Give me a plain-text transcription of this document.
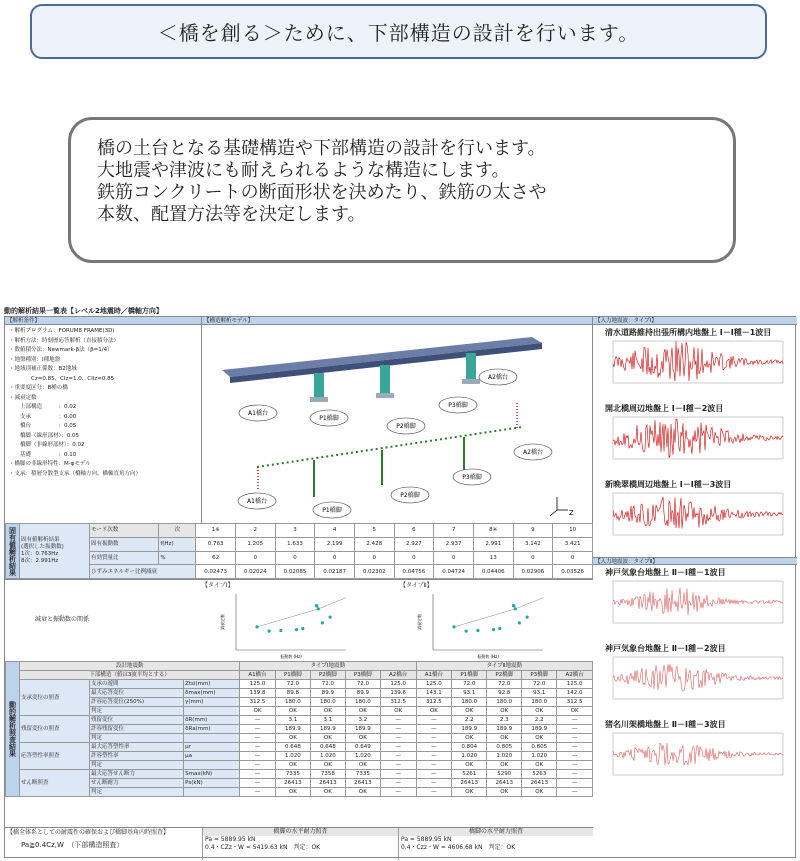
＜橋を創る＞ために、下部構造の設計を行います。
橋の土台となる基礎構造や下部構造の設計を行います。
大地震や津波にも耐えられるような構造にします。
鉄筋コンクリートの断面形状を決めたり、鉄筋の太さや
本数、配置方法等を決定します。
動的解析結果一覧表【レベル2地震時／橋軸方向】
【解析条件】
・解析プログラム：FORUM8 FRAME(3D)
・解析方法：時刻歴応答解析（直接積分法）
・数値積分法：Newmark-β法（β=1/4）
・地盤種別：Ⅰ種地盤
・地域別補正係数：B2地域
　　　　Cz=0.85、CIz=1.0、CIIz=0.85
・重要度区分：B種の橋
・減衰定数
　　上部構造　　　：0.02
　　支承　　　　　：0.00
　　橋台　　　　　：0.05
　　橋脚（線形部材）：0.05
　　橋脚（非線形部材）：0.02
　　基礎　　　　　：0.10
・橋脚の非線形特性：M-φモデル
・支承：積層分散型支承（橋軸方向、橋軸直角方向）
【構造解析モデル】
A2橋台
P3橋脚
P2橋脚
P1橋脚
A1橋台
A2橋台
P3橋脚
P2橋脚
P1橋脚
A1橋台
Z
【入力地震波：タイプⅠ】
清水道路維持出張所構内地盤上 Ⅰ－Ⅰ種－1波目
開北橋周辺地盤上 Ⅰ－Ⅰ種－2波目
新晩翠橋周辺地盤上 Ⅰ－Ⅰ種－3波目
【入力地震波：タイプⅡ】
神戸気象台地盤上 Ⅱ－Ⅰ種－1波目
神戸気象台地盤上 Ⅱ－Ⅰ種－2波目
猪名川架橋地盤上 Ⅱ－Ⅰ種－3波目
固有値解析結果	固有値解析結果
(選択した振動数)
1次：0.763Hz
8次：2.991Hz	モード次数	次	1※	2	3	4	5	6	7	8※	9	10
		固有振動数	f(Hz)	0.763	1.205	1.633	2.199	2.428	2.927	2.937	2.991	3.142	3.421
		有効質量比	%	62	0	0	0	0	0	0	13	0	0
		ひずみエネルギー比例減衰		0.02473	0.02024	0.02085	0.02187	0.02302	0.04756	0.04724	0.04406	0.02906	0.03526
減衰と振動数の関係
【タイプⅠ】	【タイプⅡ】
振動数 (Hz)
減衰定数
振動数 (Hz)
減衰定数
動的解析照査結果	設計地震動			タイプⅠ地震動					タイプⅡ地震動				
	下部構造（値は3波平均とする）			A1橋台	P1橋脚	P2橋脚	P3橋脚	A2橋台	A1橋台	P1橋脚	P2橋脚	P3橋脚	A2橋台
	支承変位の照査	支承の遊間	Ztsi(mm)	125.0	72.0	72.0	72.0	125.0	125.0	72.0	72.0	72.0	125.0
		最大応答変位	δmax(mm)	139.8	89.8	89.9	89.9	139.6	143.1	93.1	92.8	93.1	142.0
		許容応答変位(250%)	γ(mm)	312.5	180.0	180.0	180.0	312.5	312.5	180.0	180.0	180.0	312.5
		判定		OK	OK	OK	OK	OK	OK	OK	OK	OK	OK
	残留変位の照査	残留変位	δR(mm)	—	3.1	3.1	3.2	—	—	2.2	2.3	2.2	—
		許容残留変位	δRa(mm)	—	189.9	189.9	189.9	—	—	189.9	189.9	189.9	—
		判定		—	OK	OK	OK	—	—	OK	OK	OK	—
	応答塑性率照査	最大応答塑性率	μr	—	0.648	0.648	0.649	—	—	0.804	0.805	0.805	—
		許容塑性率	μa	—	1.020	1.020	1.020	—	—	1.020	1.020	1.020	—
		判定		—	OK	OK	OK	—	—	OK	OK	OK	—
	せん断照査	最大応答せん断力	Smax(kN)	—	7335	7358	7335	—	—	5261	5290	5263	—
		せん断耐力	Ps(kN)	—	26413	26413	26413	—	—	26413	26413	26413	—
		判定		—	OK	OK	OK	—	—	OK	OK	OK	—
【橋全体系としての耐震性の確保および橋脚基角内時照査】
Pa≧0.4Cz,W　（下部構造照査）
橋脚の水平耐力照査
Pa = 5889.95 kN
0.4・CZz・W = 5419.63 kN　判定：OK
橋脚の水平耐力照査
Pa = 5889.95 kN
0.4・Czz・W = 4606.68 kN　判定：OK
